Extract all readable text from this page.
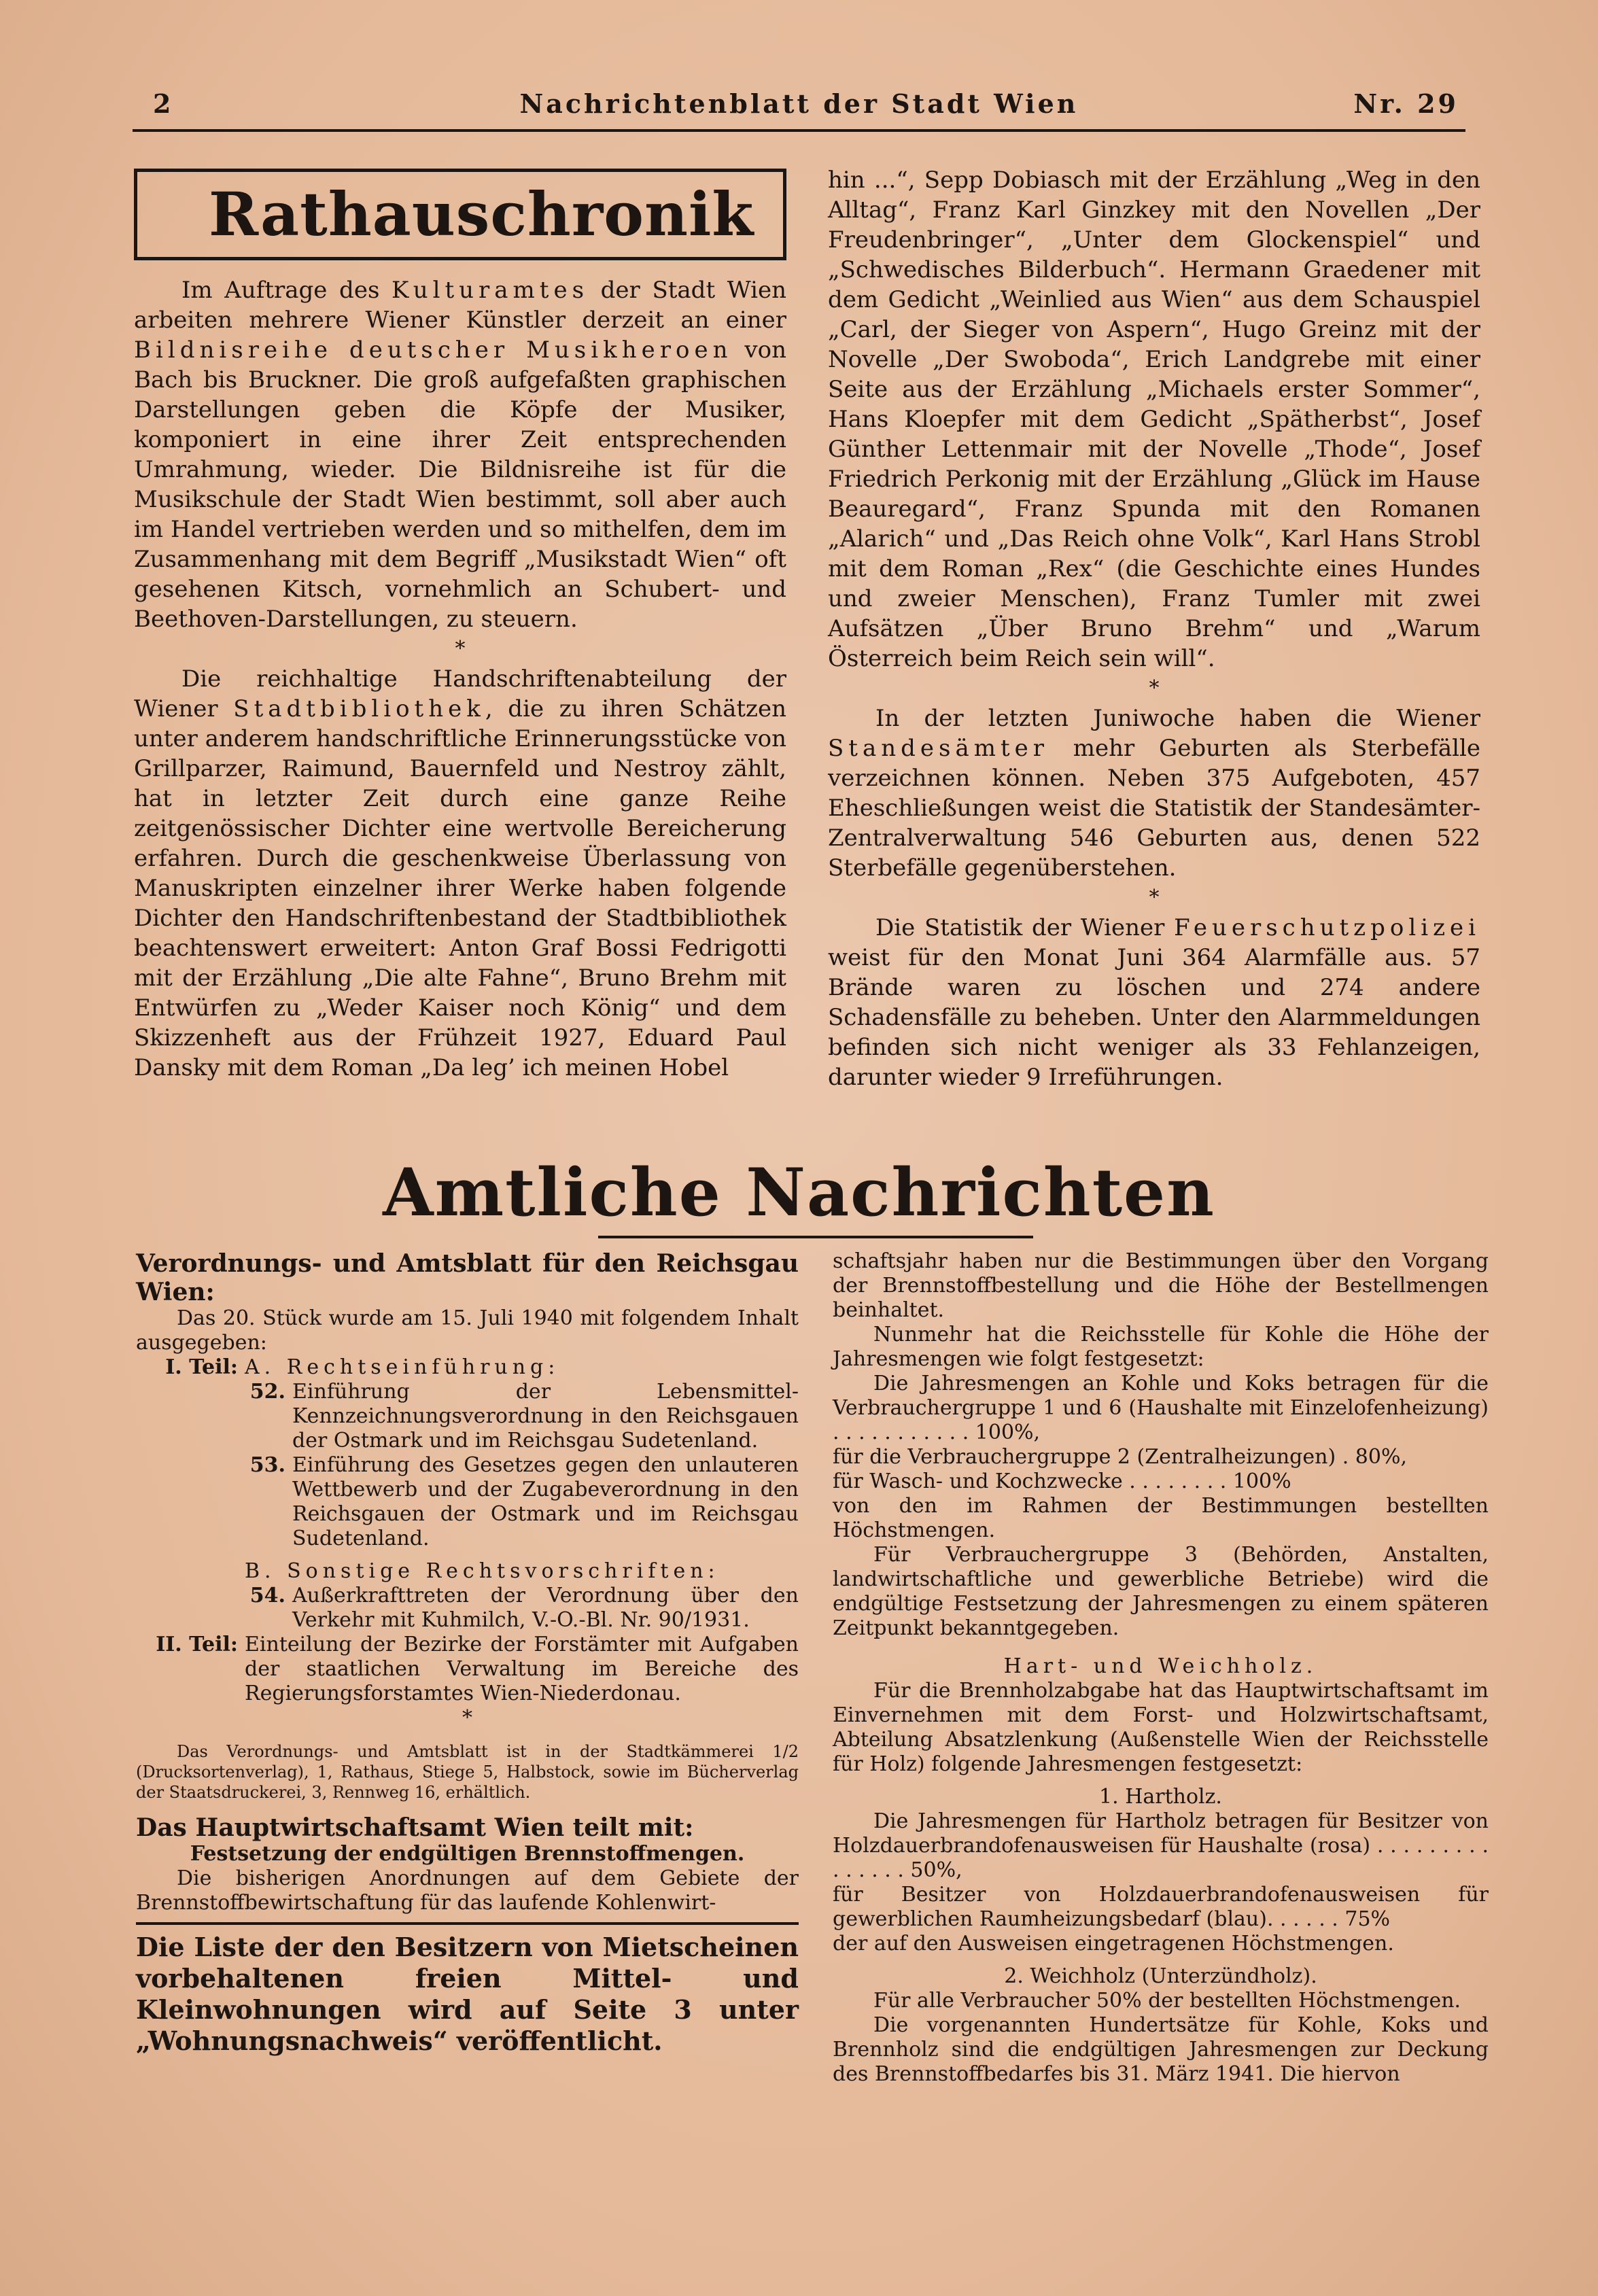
2	Nachrichtenblatt der Stadt Wien	Nr. 29
Rathauschronik

Im Auftrage des Kulturamtes der Stadt Wien arbeiten mehrere Wiener Künstler derzeit an einer Bildnisreihe deutscher Musikheroen von Bach bis Bruckner. Die groß aufgefaßten graphischen Darstellungen geben die Köpfe der Musiker, komponiert in eine ihrer Zeit entsprechenden Umrahmung, wieder. Die Bildnisreihe ist für die Musikschule der Stadt Wien bestimmt, soll aber auch im Handel vertrieben werden und so mithelfen, dem im Zusammenhang mit dem Begriff „Musikstadt Wien“ oft gesehenen Kitsch, vornehmlich an Schubert- und Beethoven-Darstellungen, zu steuern.

*

Die reichhaltige Handschriftenabteilung der Wiener Stadtbibliothek, die zu ihren Schätzen unter anderem handschriftliche Erinnerungsstücke von Grillparzer, Raimund, Bauernfeld und Nestroy zählt, hat in letzter Zeit durch eine ganze Reihe zeitgenössischer Dichter eine wertvolle Bereicherung erfahren. Durch die geschenkweise Überlassung von Manuskripten einzelner ihrer Werke haben folgende Dichter den Handschriftenbestand der Stadtbibliothek beachtenswert erweitert: Anton Graf Bossi Fedrigotti mit der Erzählung „Die alte Fahne“, Bruno Brehm mit Entwürfen zu „Weder Kaiser noch König“ und dem Skizzenheft aus der Frühzeit 1927, Eduard Paul Dansky mit dem Roman „Da leg’ ich meinen Hobel

hin ...“, Sepp Dobiasch mit der Erzählung „Weg in den Alltag“, Franz Karl Ginzkey mit den Novellen „Der Freudenbringer“, „Unter dem Glockenspiel“ und „Schwedisches Bilderbuch“. Hermann Graedener mit dem Gedicht „Weinlied aus Wien“ aus dem Schauspiel „Carl, der Sieger von Aspern“, Hugo Greinz mit der Novelle „Der Swoboda“, Erich Landgrebe mit einer Seite aus der Erzählung „Michaels erster Sommer“, Hans Kloepfer mit dem Gedicht „Spätherbst“, Josef Günther Lettenmair mit der Novelle „Thode“, Josef Friedrich Perkonig mit der Erzählung „Glück im Hause Beauregard“, Franz Spunda mit den Romanen „Alarich“ und „Das Reich ohne Volk“, Karl Hans Strobl mit dem Roman „Rex“ (die Geschichte eines Hundes und zweier Menschen), Franz Tumler mit zwei Aufsätzen „Über Bruno Brehm“ und „Warum Österreich beim Reich sein will“.

*

In der letzten Juniwoche haben die Wiener Standesämter mehr Geburten als Sterbefälle verzeichnen können. Neben 375 Aufgeboten, 457 Eheschließungen weist die Statistik der Standesämter-Zentralverwaltung 546 Geburten aus, denen 522 Sterbefälle gegenüberstehen.

*

Die Statistik der Wiener Feuerschutzpolizei weist für den Monat Juni 364 Alarmfälle aus. 57 Brände waren zu löschen und 274 andere Schadensfälle zu beheben. Unter den Alarmmeldungen befinden sich nicht weniger als 33 Fehlanzeigen, darunter wieder 9 Irreführungen.

Amtliche Nachrichten

Verordnungs- und Amtsblatt für den Reichsgau Wien:

Das 20. Stück wurde am 15. Juli 1940 mit folgendem Inhalt ausgegeben:

I. Teil: A. Rechtseinführung:
52. Einführung der Lebensmittel-Kennzeichnungsverordnung in den Reichsgauen der Ostmark und im Reichsgau Sudetenland.
53. Einführung des Gesetzes gegen den unlauteren Wettbewerb und der Zugabeverordnung in den Reichsgauen der Ostmark und im Reichsgau Sudetenland.
B. Sonstige Rechtsvorschriften:
54. Außerkrafttreten der Verordnung über den Verkehr mit Kuhmilch, V.-O.-Bl. Nr. 90/1931.
II. Teil: Einteilung der Bezirke der Forstämter mit Aufgaben der staatlichen Verwaltung im Bereiche des Regierungsforstamtes Wien-Niederdonau.
*

Das Verordnungs- und Amtsblatt ist in der Stadtkämmerei 1/2 (Drucksortenverlag), 1, Rathaus, Stiege 5, Halbstock, sowie im Bücherverlag der Staatsdruckerei, 3, Rennweg 16, erhältlich.

Das Hauptwirtschaftsamt Wien teilt mit:

Festsetzung der endgültigen Brennstoffmengen.

Die bisherigen Anordnungen auf dem Gebiete der Brennstoffbewirtschaftung für das laufende Kohlenwirt-

Die Liste der den Besitzern von Mietscheinen vorbehaltenen freien Mittel- und Kleinwohnungen wird auf Seite 3 unter „Wohnungsnachweis“ veröffentlicht.

schaftsjahr haben nur die Bestimmungen über den Vorgang der Brennstoffbestellung und die Höhe der Bestellmengen beinhaltet.

Nunmehr hat die Reichsstelle für Kohle die Höhe der Jahresmengen wie folgt festgesetzt:

Die Jahresmengen an Kohle und Koks betragen für die Verbrauchergruppe 1 und 6 (Haushalte mit Einzelofenheizung) . . . . . . . . . . . 100%,

für die Verbrauchergruppe 2 (Zentralheizungen) . 80%,

für Wasch- und Kochzwecke . . . . . . . . 100%

von den im Rahmen der Bestimmungen bestellten Höchstmengen.

Für Verbrauchergruppe 3 (Behörden, Anstalten, landwirtschaftliche und gewerbliche Betriebe) wird die endgültige Festsetzung der Jahresmengen zu einem späteren Zeitpunkt bekanntgegeben.

Hart- und Weichholz.

Für die Brennholzabgabe hat das Hauptwirtschaftsamt im Einvernehmen mit dem Forst- und Holzwirtschaftsamt, Abteilung Absatzlenkung (Außenstelle Wien der Reichsstelle für Holz) folgende Jahresmengen festgesetzt:

1. Hartholz.

Die Jahresmengen für Hartholz betragen für Besitzer von Holzdauerbrandofenausweisen für Haushalte (rosa) . . . . . . . . . . . . . . . 50%,

für Besitzer von Holzdauerbrandofenausweisen für gewerblichen Raumheizungsbedarf (blau). . . . . . 75%

der auf den Ausweisen eingetragenen Höchstmengen.

2. Weichholz (Unterzündholz).

Für alle Verbraucher 50% der bestellten Höchstmengen.

Die vorgenannten Hundertsätze für Kohle, Koks und Brennholz sind die endgültigen Jahresmengen zur Deckung des Brennstoffbedarfes bis 31. März 1941. Die hiervon
